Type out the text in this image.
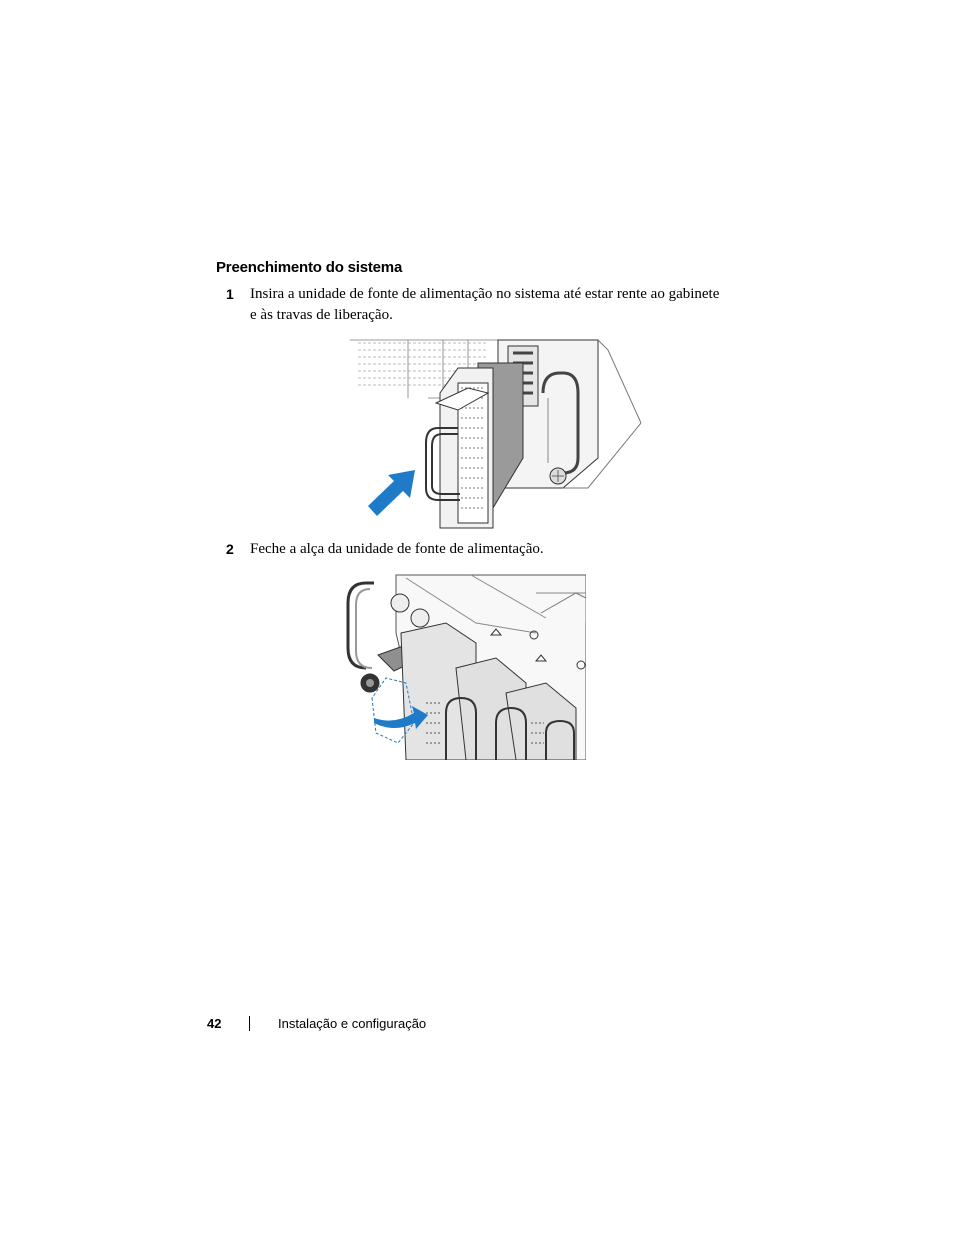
Preenchimento do sistema
1 Insira a unidade de fonte de alimentação no sistema até estar rente ao gabinete e às travas de liberação.
2 Feche a alça da unidade de fonte de alimentação.
42	Instalação e configuração
